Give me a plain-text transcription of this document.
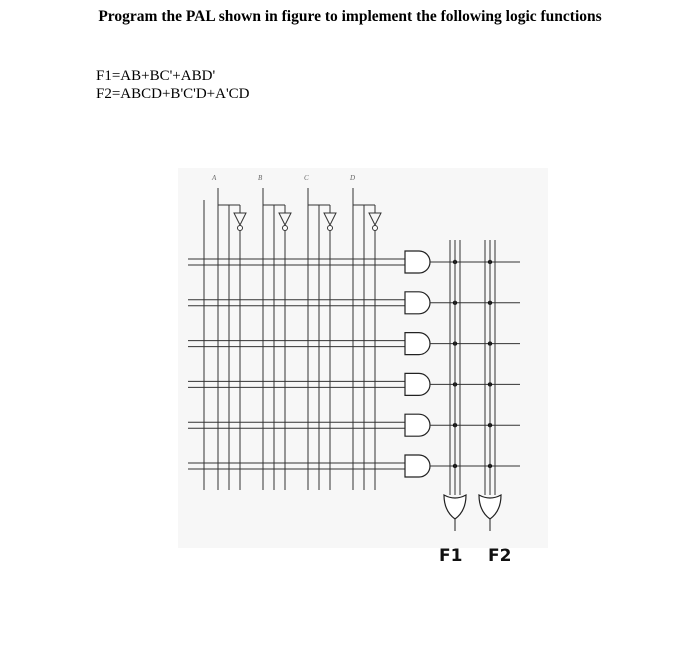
Program the PAL shown in figure to implement the following logic functions
F1=AB+BC'+ABD'
F2=ABCD+B'C'D+A'CD
A	B	C	D
F1 F2
